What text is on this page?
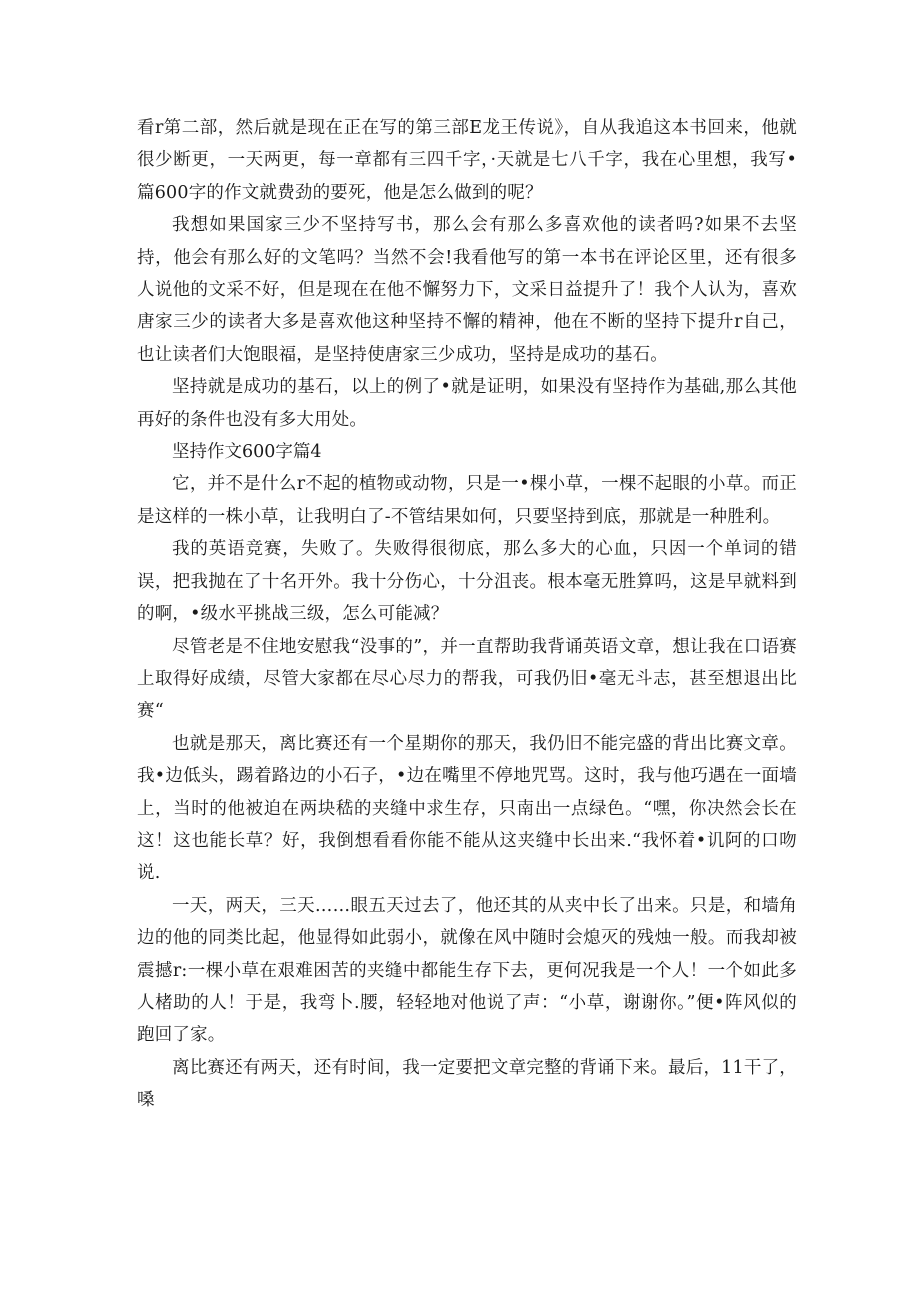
看r第二部，然后就是现在正在写的第三部E龙王传说》，自从我追这本书回来，他就很少断更，一天两更，每一章都有三四千字，·天就是七八千字，我在心里想，我写•篇600字的作文就费劲的要死，他是怎么做到的呢？

我想如果国家三少不坚持写书，那么会有那么多喜欢他的读者吗?如果不去坚持，他会有那么好的文笔吗？当然不会!我看他写的第一本书在评论区里，还有很多人说他的文采不好，但是现在在他不懈努力下，文采日益提升了！我个人认为，喜欢唐家三少的读者大多是喜欢他这种坚持不懈的精神，他在不断的坚持下提升r自己，也让读者们大饱眼福，是坚持使唐家三少成功，坚持是成功的基石。

坚持就是成功的基石，以上的例了•就是证明，如果没有坚持作为基础,那么其他再好的条件也没有多大用处。

坚持作文600字篇4

它，并不是什么r不起的植物或动物，只是一•棵小草，一棵不起眼的小草。而正是这样的一株小草，让我明白了-不管结果如何，只要坚持到底，那就是一种胜利。

我的英语竞赛，失败了。失败得很彻底，那么多大的心血，只因一个单词的错误，把我抛在了十名开外。我十分伤心，十分沮丧。根本毫无胜算吗，这是早就料到的啊，•级水平挑战三级，怎么可能减？

尽管老是不住地安慰我“没事的”，并一直帮助我背诵英语文章，想让我在口语赛上取得好成绩，尽管大家都在尽心尽力的帮我，可我仍旧•毫无斗志，甚至想退出比赛“

也就是那天，离比赛还有一个星期你的那天，我仍旧不能完盛的背出比赛文章。我•边低头，踢着路边的小石子，•边在嘴里不停地咒骂。这时，我与他巧遇在一面墙上，当时的他被迫在两块嵇的夹缝中求生存，只南出一点绿色。“嘿，你决然会长在这！这也能长草？好，我倒想看看你能不能从这夹缝中长出来.“我怀着•讥阿的口吻说.

一天，两天，三天……眼五天过去了，他还其的从夹中长了出来。只是，和墙角边的他的同类比起，他显得如此弱小，就像在风中随时会熄灭的残烛一般。而我却被震撼r:一棵小草在艰难困苦的夹缝中都能生存下去，更何况我是一个人！一个如此多人楮助的人！于是，我弯卜.腰，轻轻地对他说了声：“小草，谢谢你。”便•阵风似的跑回了家。

离比赛还有两天，还有时间，我一定要把文章完整的背诵下来。最后，11干了，嗓
